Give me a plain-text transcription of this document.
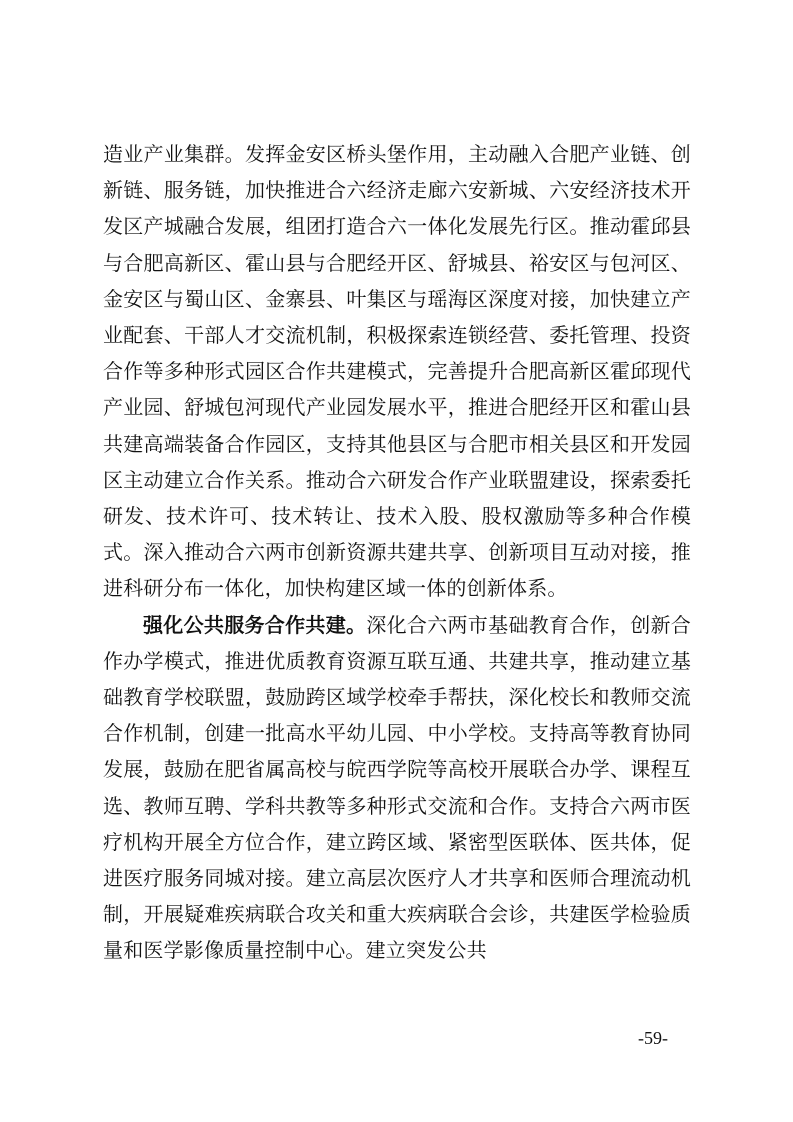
造业产业集群。发挥金安区桥头堡作用，主动融入合肥产业链、创新链、服务链，加快推进合六经济走廊六安新城、六安经济技术开发区产城融合发展，组团打造合六一体化发展先行区。推动霍邱县与合肥高新区、霍山县与合肥经开区、舒城县、裕安区与包河区、金安区与蜀山区、金寨县、叶集区与瑶海区深度对接，加快建立产业配套、干部人才交流机制，积极探索连锁经营、委托管理、投资合作等多种形式园区合作共建模式，完善提升合肥高新区霍邱现代产业园、舒城包河现代产业园发展水平，推进合肥经开区和霍山县共建高端装备合作园区，支持其他县区与合肥市相关县区和开发园区主动建立合作关系。推动合六研发合作产业联盟建设，探索委托研发、技术许可、技术转让、技术入股、股权激励等多种合作模式。深入推动合六两市创新资源共建共享、创新项目互动对接，推进科研分布一体化，加快构建区域一体的创新体系。

强化公共服务合作共建。深化合六两市基础教育合作，创新合作办学模式，推进优质教育资源互联互通、共建共享，推动建立基础教育学校联盟，鼓励跨区域学校牵手帮扶，深化校长和教师交流合作机制，创建一批高水平幼儿园、中小学校。支持高等教育协同发展，鼓励在肥省属高校与皖西学院等高校开展联合办学、课程互选、教师互聘、学科共教等多种形式交流和合作。支持合六两市医疗机构开展全方位合作，建立跨区域、紧密型医联体、医共体，促进医疗服务同城对接。建立高层次医疗人才共享和医师合理流动机制，开展疑难疾病联合攻关和重大疾病联合会诊，共建医学检验质量和医学影像质量控制中心。建立突发公共

-59-
